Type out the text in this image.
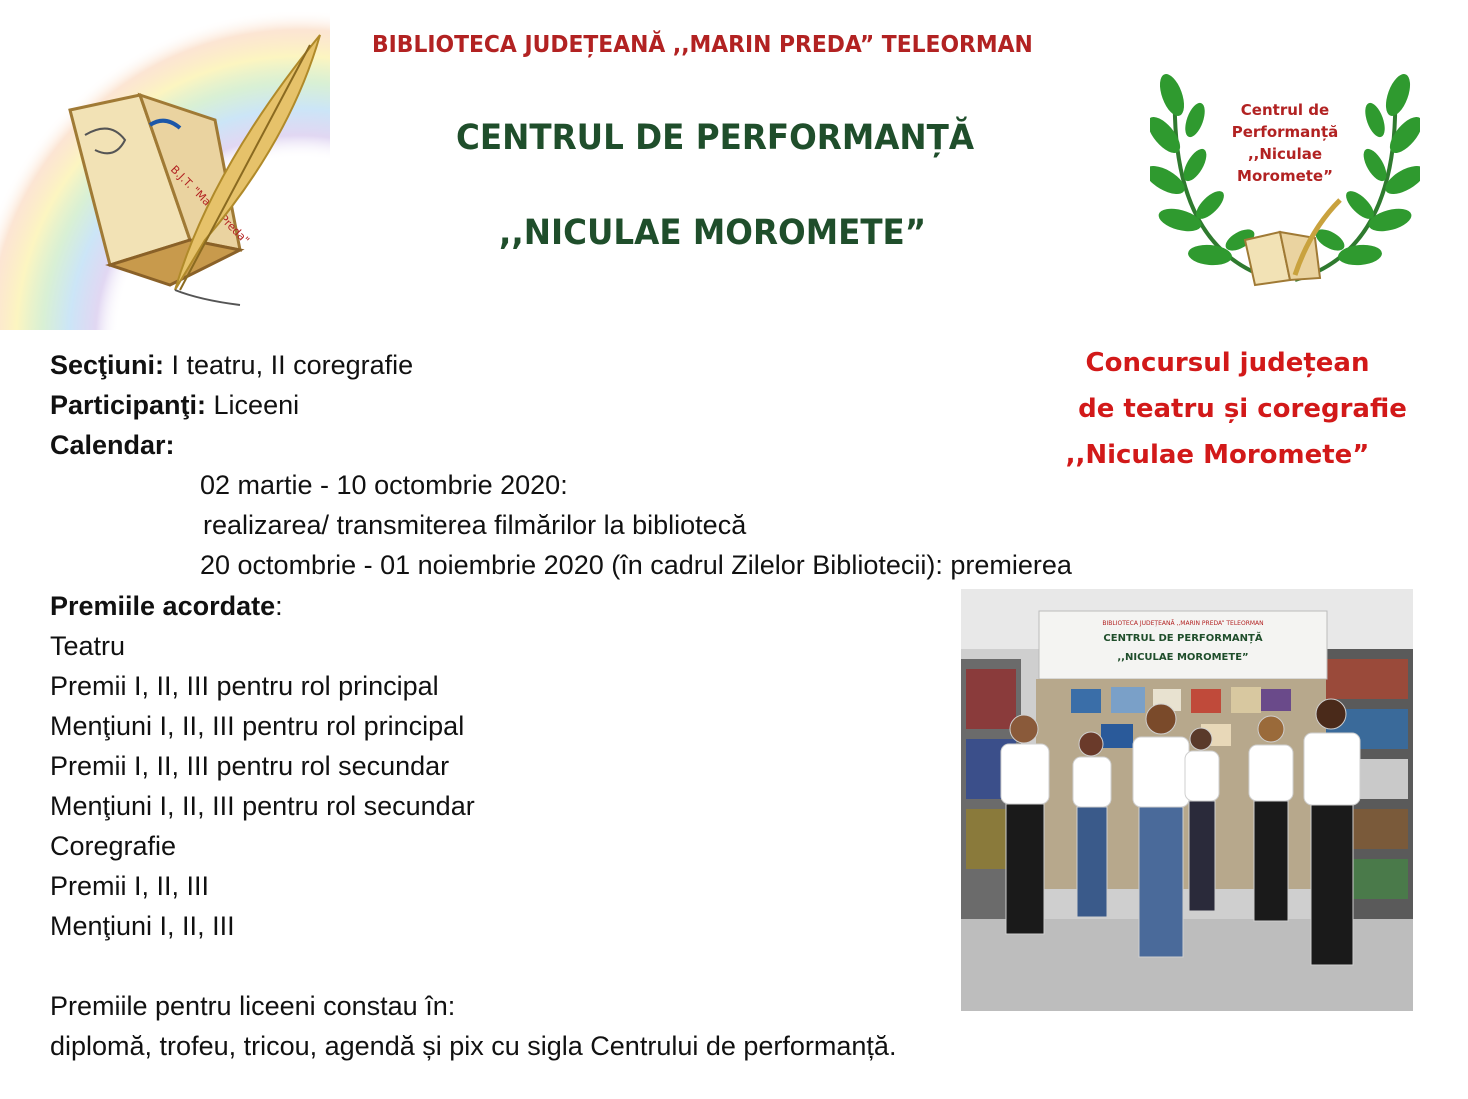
B.J.T. "Marin Preda"
BIBLIOTECA JUDEȚEANĂ ,,MARIN PREDA” TELEORMAN
CENTRUL DE PERFORMANȚĂ
,,NICULAE MOROMETE”
Centrul de
Performanță
,,Niculae
Moromete”
Concursul județean
de teatru și coregrafie
,,Niculae Moromete”
Secţiuni: I teatru, II coregrafie
Participanţi: Liceeni
Calendar:
02 martie - 10 octombrie 2020:
realizarea/ transmiterea filmărilor la bibliotecă
20 octombrie - 01 noiembrie 2020 (în cadrul Zilelor Bibliotecii): premierea
Premiile acordate:
Teatru
Premii I, II, III pentru rol principal
Menţiuni I, II, III pentru rol principal
Premii I, II, III pentru rol secundar
Menţiuni I, II, III pentru rol secundar
Coregrafie
Premii I, II, III
Menţiuni I, II, III
Premiile pentru liceeni constau în:
diplomă, trofeu, tricou, agendă și pix cu sigla Centrului de performanță.
BIBLIOTECA JUDEȚEANĂ ,,MARIN PREDA” TELEORMAN
CENTRUL DE PERFORMANȚĂ
,,NICULAE MOROMETE”
